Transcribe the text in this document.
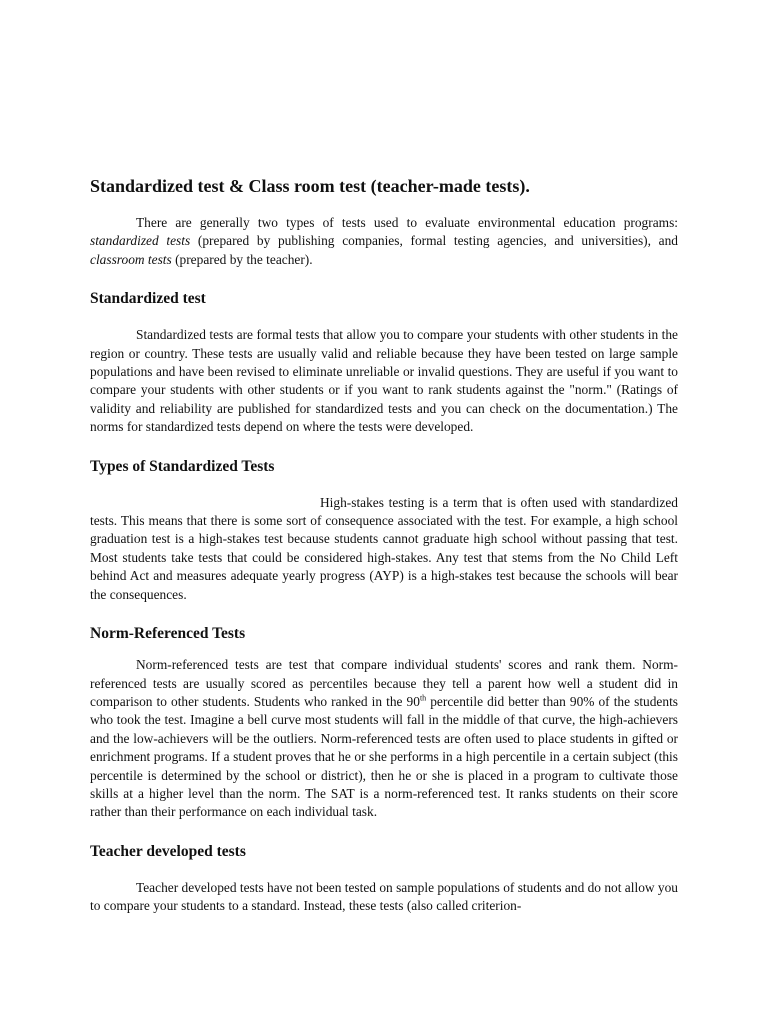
Standardized test & Class room test (teacher-made tests).

There are generally two types of tests used to evaluate environmental education programs: standardized tests (prepared by publishing companies, formal testing agencies, and universities), and classroom tests (prepared by the teacher).

Standardized test

Standardized tests are formal tests that allow you to compare your students with other students in the region or country. These tests are usually valid and reliable because they have been tested on large sample populations and have been revised to eliminate unreliable or invalid questions. They are useful if you want to compare your students with other students or if you want to rank students against the "norm." (Ratings of validity and reliability are published for standardized tests and you can check on the documentation.) The norms for standardized tests depend on where the tests were developed.

Types of Standardized Tests

High-stakes testing is a term that is often used with standardized tests. This means that there is some sort of consequence associated with the test. For example, a high school graduation test is a high-stakes test because students cannot graduate high school without passing that test. Most students take tests that could be considered high-stakes. Any test that stems from the No Child Left behind Act and measures adequate yearly progress (AYP) is a high-stakes test because the schools will bear the consequences.

Norm-Referenced Tests

Norm-referenced tests are test that compare individual students' scores and rank them. Norm-referenced tests are usually scored as percentiles because they tell a parent how well a student did in comparison to other students. Students who ranked in the 90th percentile did better than 90% of the students who took the test. Imagine a bell curve most students will fall in the middle of that curve, the high-achievers and the low-achievers will be the outliers. Norm-referenced tests are often used to place students in gifted or enrichment programs. If a student proves that he or she performs in a high percentile in a certain subject (this percentile is determined by the school or district), then he or she is placed in a program to cultivate those skills at a higher level than the norm. The SAT is a norm-referenced test. It ranks students on their score rather than their performance on each individual task.

Teacher developed tests

Teacher developed tests have not been tested on sample populations of students and do not allow you to compare your students to a standard. Instead, these tests (also called criterion-
